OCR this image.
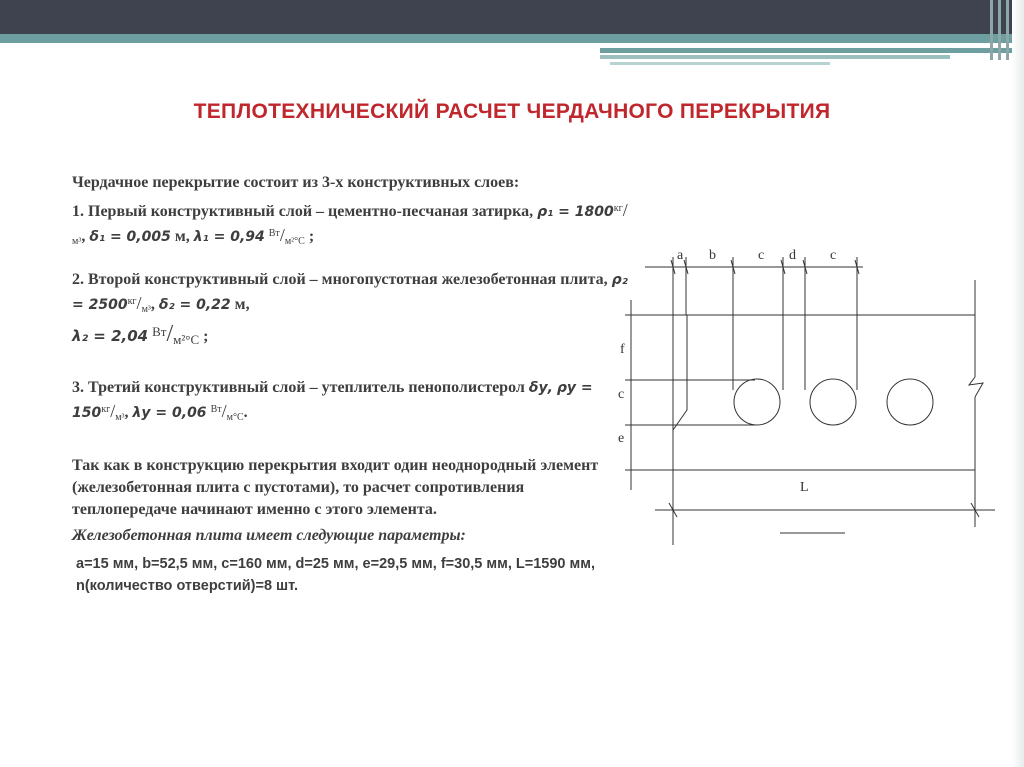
ТЕПЛОТЕХНИЧЕСКИЙ РАСЧЕТ ЧЕРДАЧНОГО ПЕРЕКРЫТИЯ

Чердачное перекрытие состоит из 3-х конструктивных слоев:

1. Первый конструктивный слой – цементно-песчаная затирка, $\rho_1 = 1800^{кг}/м^3$, δ₁ = 0,005 м, λ₁ = 0,94 $^{Вт}$/м²°С ;

2. Второй конструктивный слой – многопустотная железобетонная плита, $\rho_2 = 2500^{кг}/м^3$, δ₂ = 0,22 м,
λ₂ = 2,04 $^{Вт}$/м²°С ;

3. Третий конструктивный слой – утеплитель пенополистерол δу, $\rho у = 150^{кг}/м^3$, λу = 0,06 $^{Вт}$/м°С.

Так как в конструкцию перекрытия входит один неоднородный элемент (железобетонная плита с пустотами), то расчет сопротивления теплопередаче начинают именно с этого элемента.

Железобетонная плита имеет следующие параметры:

a=15 мм, b=52,5 мм, c=160 мм, d=25 мм, e=29,5 мм, f=30,5 мм, L=1590 мм, n(количество отверстий)=8 шт.

a b	c d c
f
c
e
L
